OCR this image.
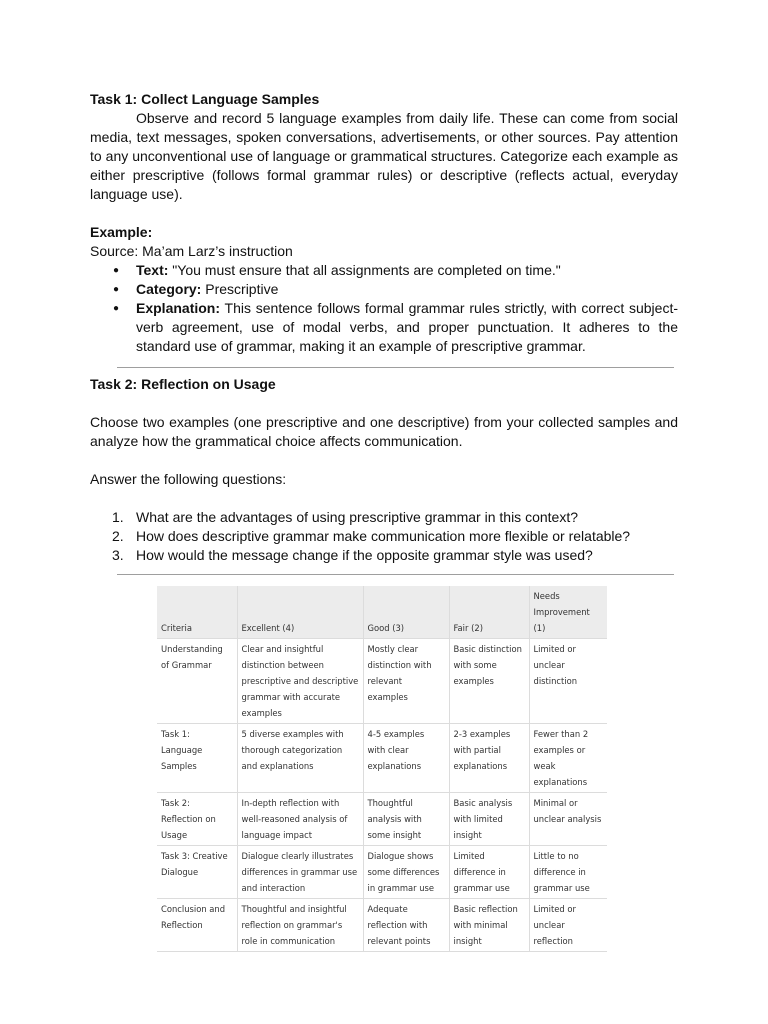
Task 1: Collect Language Samples

Observe and record 5 language examples from daily life. These can come from social media, text messages, spoken conversations, advertisements, or other sources. Pay attention to any unconventional use of language or grammatical structures. Categorize each example as either prescriptive (follows formal grammar rules) or descriptive (reflects actual, everyday language use).

Example:
Source: Ma’am Larz’s instruction
● Text: "You must ensure that all assignments are completed on time."
● Category: Prescriptive
● Explanation: This sentence follows formal grammar rules strictly, with correct subject-verb agreement, use of modal verbs, and proper punctuation. It adheres to the standard use of grammar, making it an example of prescriptive grammar.
Task 2: Reflection on Usage

Choose two examples (one prescriptive and one descriptive) from your collected samples and analyze how the grammatical choice affects communication.

Answer the following questions:
1. What are the advantages of using prescriptive grammar in this context?
2. How does descriptive grammar make communication more flexible or relatable?
3. How would the message change if the opposite grammar style was used?
Criteria	Excellent (4)	Good (3)	Fair (2)	Needs Improvement (1)
Understanding of Grammar	Clear and insightful distinction between prescriptive and descriptive grammar with accurate examples	Mostly clear distinction with relevant examples	Basic distinction with some examples	Limited or unclear distinction
Task 1: Language Samples	5 diverse examples with thorough categorization and explanations	4-5 examples with clear explanations	2-3 examples with partial explanations	Fewer than 2 examples or weak explanations
Task 2: Reflection on Usage	In-depth reflection with well-reasoned analysis of language impact	Thoughtful analysis with some insight	Basic analysis with limited insight	Minimal or unclear analysis
Task 3: Creative Dialogue	Dialogue clearly illustrates differences in grammar use and interaction	Dialogue shows some differences in grammar use	Limited difference in grammar use	Little to no difference in grammar use
Conclusion and Reflection	Thoughtful and insightful reflection on grammar's role in communication	Adequate reflection with relevant points	Basic reflection with minimal insight	Limited or unclear reflection
